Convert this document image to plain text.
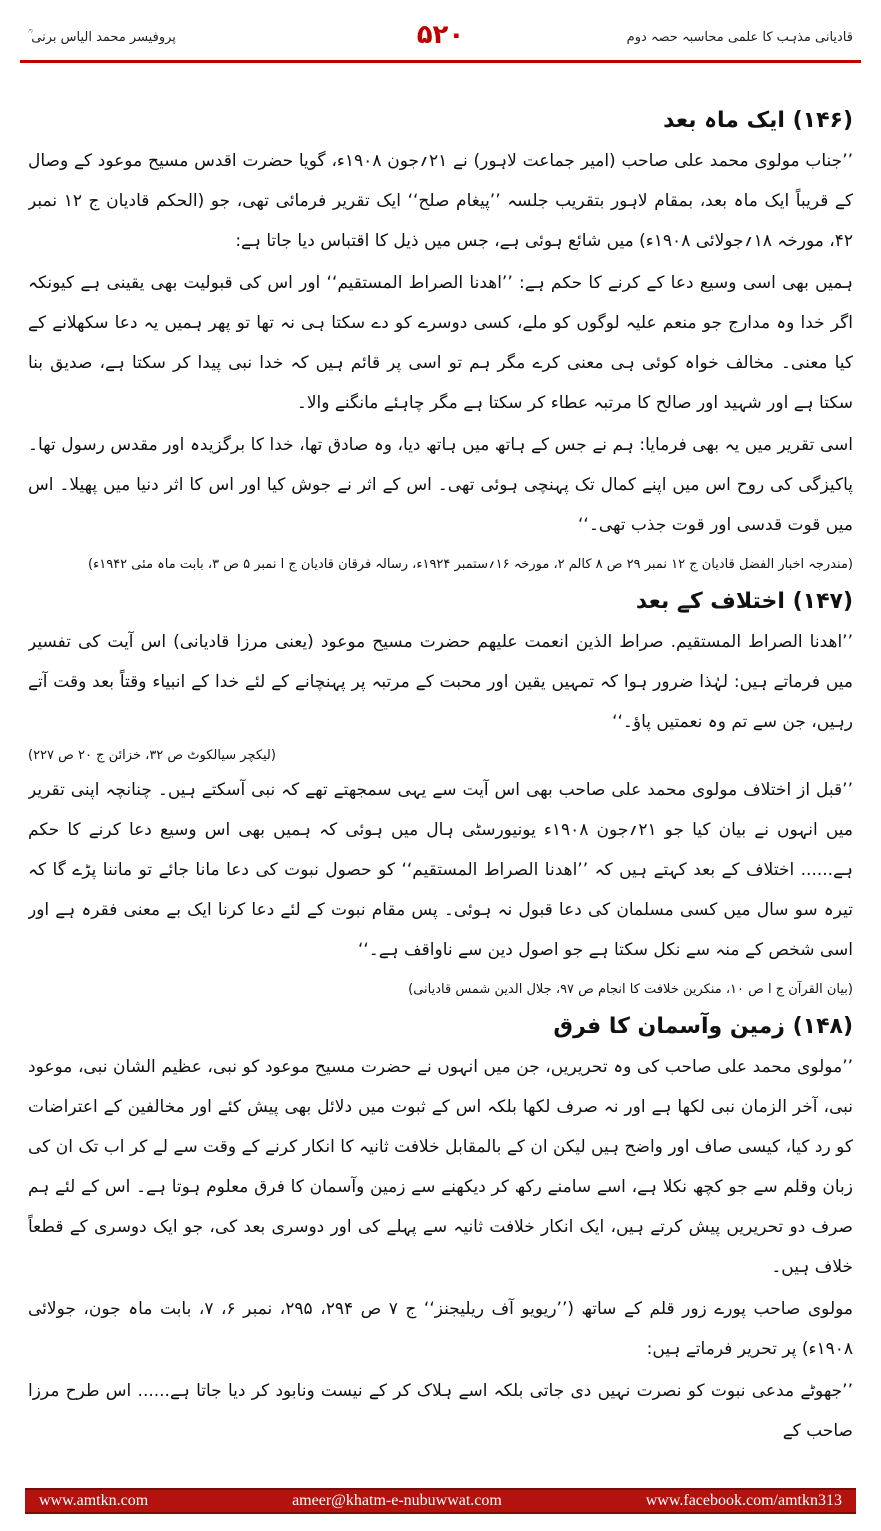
پروفیسر محمد الیاس برنی ؒ	۵۲۰	قادیانی مذہب کا علمی محاسبہ حصہ دوم
(۱۴۶) ایک ماہ بعد

’’جناب مولوی محمد علی صاحب (امیر جماعت لاہور) نے ۲۱؍جون ۱۹۰۸ء، گویا حضرت اقدس مسیح موعود کے وصال کے قریباً ایک ماہ بعد، بمقام لاہور بتقریب جلسہ ’’پیغام صلح‘‘ ایک تقریر فرمائی تھی، جو (الحکم قادیان ج ۱۲ نمبر ۴۲، مورخہ ۱۸؍جولائی ۱۹۰۸ء) میں شائع ہوئی ہے، جس میں ذیل کا اقتباس دیا جاتا ہے:

ہمیں بھی اسی وسیع دعا کے کرنے کا حکم ہے: ’’اھدنا الصراط المستقیم‘‘ اور اس کی قبولیت بھی یقینی ہے کیونکہ اگر خدا وہ مدارج جو منعم علیہ لوگوں کو ملے، کسی دوسرے کو دے سکتا ہی نہ تھا تو پھر ہمیں یہ دعا سکھلانے کے کیا معنی۔ مخالف خواہ کوئی ہی معنی کرے مگر ہم تو اسی پر قائم ہیں کہ خدا نبی پیدا کر سکتا ہے، صدیق بنا سکتا ہے اور شہید اور صالح کا مرتبہ عطاء کر سکتا ہے مگر چاہئے مانگنے والا۔

اسی تقریر میں یہ بھی فرمایا: ہم نے جس کے ہاتھ میں ہاتھ دیا، وہ صادق تھا، خدا کا برگزیدہ اور مقدس رسول تھا۔ پاکیزگی کی روح اس میں اپنے کمال تک پہنچی ہوئی تھی۔ اس کے اثر نے جوش کیا اور اس کا اثر دنیا میں پھیلا۔ اس میں قوت قدسی اور قوت جذب تھی۔‘‘

(مندرجہ اخبار الفضل قادیان ج ۱۲ نمبر ۲۹ ص ۸ کالم ۲، مورخہ ۱۶؍ستمبر ۱۹۲۴ء، رسالہ فرقان قادیان ج ا نمبر ۵ ص ۳، بابت ماہ مئی ۱۹۴۲ء)
(۱۴۷) اختلاف کے بعد

’’اھدنا الصراط المستقیم. صراط الذین انعمت علیھم حضرت مسیح موعود (یعنی مرزا قادیانی) اس آیت کی تفسیر میں فرماتے ہیں: لہٰذا ضرور ہوا کہ تمہیں یقین اور محبت کے مرتبہ پر پہنچانے کے لئے خدا کے انبیاء وقتاً بعد وقت آتے رہیں، جن سے تم وہ نعمتیں پاؤ۔‘‘

(لیکچر سیالکوٹ ص ۳۲، خزائن ج ۲۰ ص ۲۲۷)

’’قبل از اختلاف مولوی محمد علی صاحب بھی اس آیت سے یہی سمجھتے تھے کہ نبی آسکتے ہیں۔ چنانچہ اپنی تقریر میں انہوں نے بیان کیا جو ۲۱؍جون ۱۹۰۸ء یونیورسٹی ہال میں ہوئی کہ ہمیں بھی اس وسیع دعا کرنے کا حکم ہے...... اختلاف کے بعد کہتے ہیں کہ ’’اھدنا الصراط المستقیم‘‘ کو حصول نبوت کی دعا مانا جائے تو ماننا پڑے گا کہ تیرہ سو سال میں کسی مسلمان کی دعا قبول نہ ہوئی۔ پس مقام نبوت کے لئے دعا کرنا ایک بے معنی فقرہ ہے اور اسی شخص کے منہ سے نکل سکتا ہے جو اصول دین سے ناواقف ہے۔‘‘

(بیان القرآن ج ا ص ۱۰، منکرین خلافت کا انجام ص ۹۷، جلال الدین شمس قادیانی)
(۱۴۸) زمین وآسمان کا فرق

’’مولوی محمد علی صاحب کی وہ تحریریں، جن میں انہوں نے حضرت مسیح موعود کو نبی، عظیم الشان نبی، موعود نبی، آخر الزمان نبی لکھا ہے اور نہ صرف لکھا بلکہ اس کے ثبوت میں دلائل بھی پیش کئے اور مخالفین کے اعتراضات کو رد کیا، کیسی صاف اور واضح ہیں لیکن ان کے بالمقابل خلافت ثانیہ کا انکار کرنے کے وقت سے لے کر اب تک ان کی زبان وقلم سے جو کچھ نکلا ہے، اسے سامنے رکھ کر دیکھنے سے زمین وآسمان کا فرق معلوم ہوتا ہے۔ اس کے لئے ہم صرف دو تحریریں پیش کرتے ہیں، ایک انکار خلافت ثانیہ سے پہلے کی اور دوسری بعد کی، جو ایک دوسری کے قطعاً خلاف ہیں۔

مولوی صاحب پورے زور قلم کے ساتھ (’’ریویو آف ریلیجنز‘‘ ج ۷ ص ۲۹۴، ۲۹۵، نمبر ۶، ۷، بابت ماہ جون، جولائی ۱۹۰۸ء) پر تحریر فرماتے ہیں:

’’جھوٹے مدعی نبوت کو نصرت نہیں دی جاتی بلکہ اسے ہلاک کر کے نیست ونابود کر دیا جاتا ہے...... اس طرح مرزا صاحب کے

www.amtkn.com	ameer@khatm-e-nubuwwat.com	www.facebook.com/amtkn313
